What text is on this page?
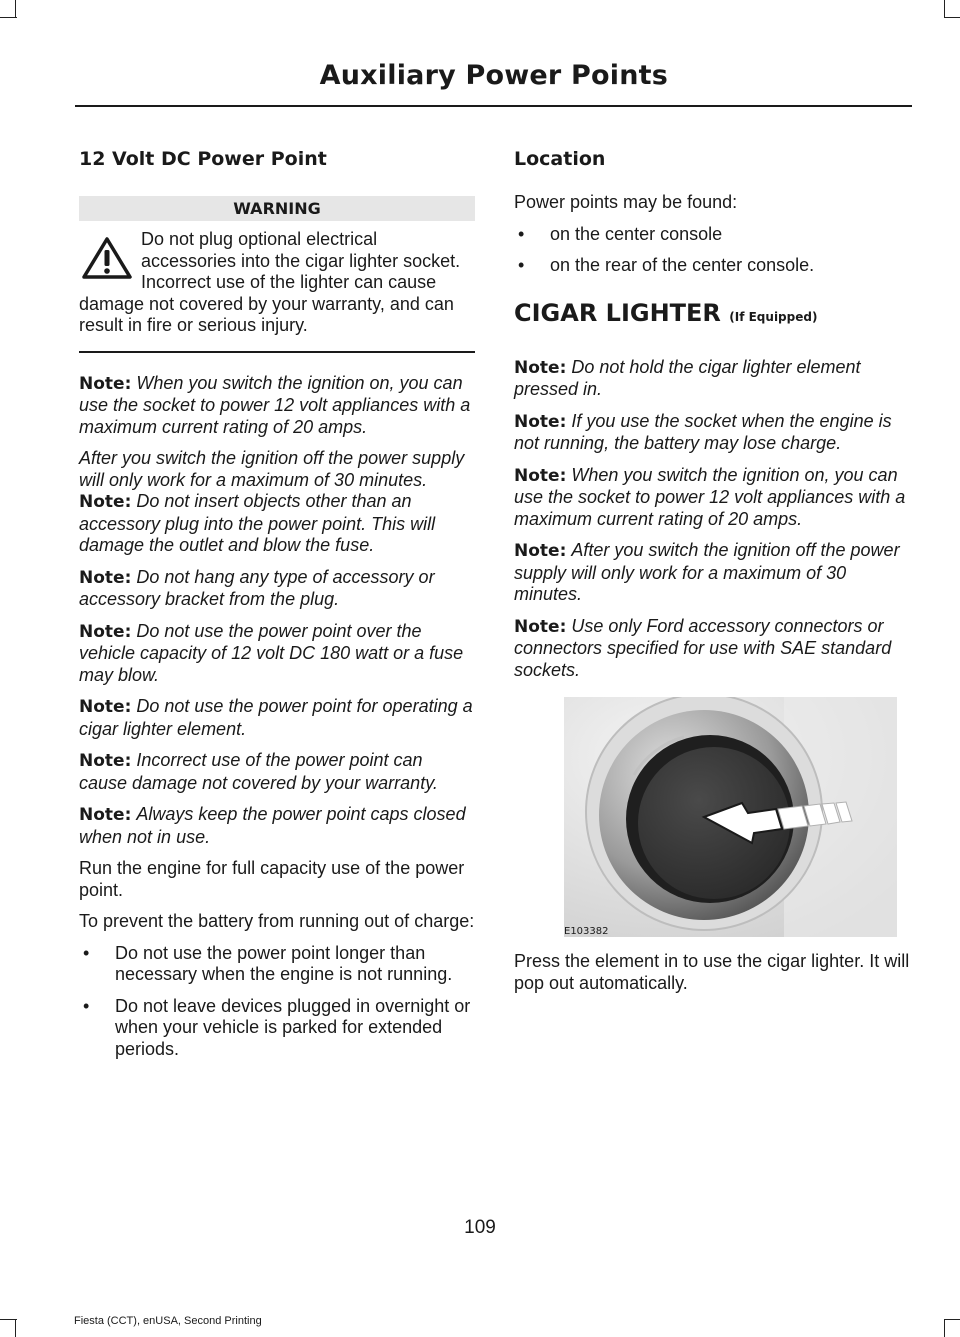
Auxiliary Power Points
12 Volt DC Power Point
WARNING
Do not plug optional electrical accessories into the cigar lighter socket. Incorrect use of the lighter can cause damage not covered by your warranty, and can result in fire or serious injury.

Note: When you switch the ignition on, you can use the socket to power 12 volt appliances with a maximum current rating of 20 amps.

After you switch the ignition off the power supply will only work for a maximum of 30 minutes.

Note: Do not insert objects other than an accessory plug into the power point. This will damage the outlet and blow the fuse.

Note: Do not hang any type of accessory or accessory bracket from the plug.

Note: Do not use the power point over the vehicle capacity of 12 volt DC 180 watt or a fuse may blow.

Note: Do not use the power point for operating a cigar lighter element.

Note: Incorrect use of the power point can cause damage not covered by your warranty.

Note: Always keep the power point caps closed when not in use.

Run the engine for full capacity use of the power point.

To prevent the battery from running out of charge:

• Do not use the power point longer than necessary when the engine is not running.
• Do not leave devices plugged in overnight or when your vehicle is parked for extended periods.
Location

Power points may be found:

• on the center console
• on the rear of the center console.
CIGAR LIGHTER (If Equipped)

Note: Do not hold the cigar lighter element pressed in.

Note: If you use the socket when the engine is not running, the battery may lose charge.

Note: When you switch the ignition on, you can use the socket to power 12 volt appliances with a maximum current rating of 20 amps.

Note: After you switch the ignition off the power supply will only work for a maximum of 30 minutes.

Note: Use only Ford accessory connectors or connectors specified for use with SAE standard sockets.

E103382

Press the element in to use the cigar lighter. It will pop out automatically.

109
Fiesta (CCT), enUSA, Second Printing
